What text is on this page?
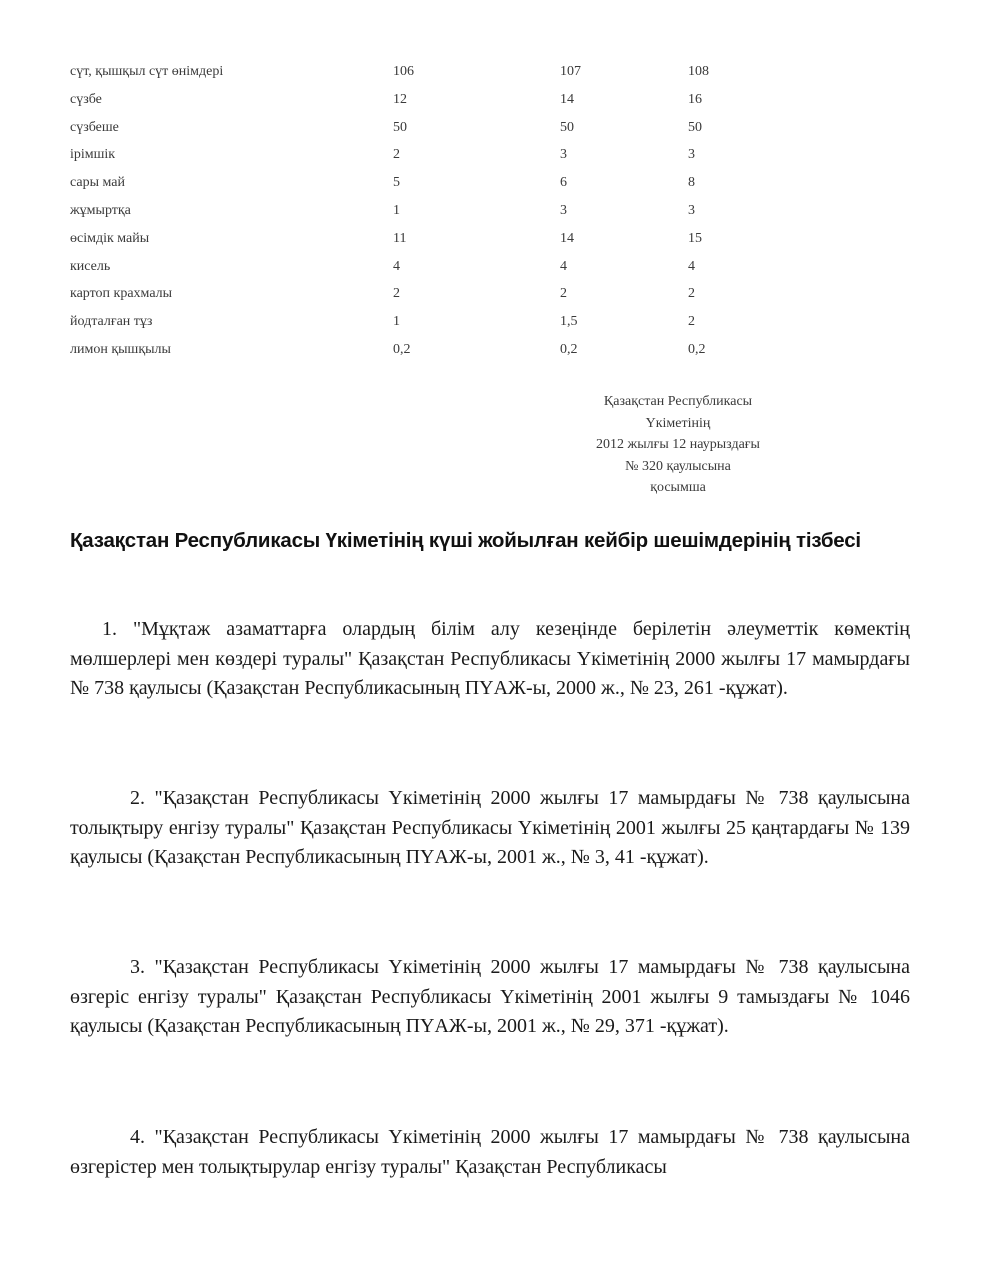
сүт, қышқыл сүт өнімдері	106	107	108
сүзбе	12	14	16
сүзбеше	50	50	50
ірімшік	2	3	3
сары май	5	6	8
жұмыртқа	1	3	3
өсімдік майы	11	14	15
кисель	4	4	4
картоп крахмалы	2	2	2
йодталған тұз	1	1,5	2
лимон қышқылы	0,2	0,2	0,2
Қазақстан Республикасы
Үкіметінің
2012 жылғы 12 наурыздағы
№ 320 қаулысына
қосымша
Қазақстан Республикасы Үкіметінің күші жойылған кейбір шешімдерінің тізбесі
1. "Мұқтаж азаматтарға олардың білім алу кезеңінде берілетін әлеуметтік көмектің мөлшерлері мен көздері туралы" Қазақстан Республикасы Үкіметінің 2000 жылғы 17 мамырдағы № 738 қаулысы (Қазақстан Республикасының ПҮАЖ-ы, 2000 ж., № 23, 261 -құжат).
2. "Қазақстан Республикасы Үкіметінің 2000 жылғы 17 мамырдағы № 738 қаулысына толықтыру енгізу туралы" Қазақстан Республикасы Үкіметінің 2001 жылғы 25 қаңтардағы № 139 қаулысы (Қазақстан Республикасының ПҮАЖ-ы, 2001 ж., № 3, 41 -құжат).
3. "Қазақстан Республикасы Үкіметінің 2000 жылғы 17 мамырдағы № 738 қаулысына өзгеріс енгізу туралы" Қазақстан Республикасы Үкіметінің 2001 жылғы 9 тамыздағы № 1046 қаулысы (Қазақстан Республикасының ПҮАЖ-ы, 2001 ж., № 29, 371 -құжат).
4. "Қазақстан Республикасы Үкіметінің 2000 жылғы 17 мамырдағы № 738 қаулысына өзгерістер мен толықтырулар енгізу туралы" Қазақстан Республикасы
